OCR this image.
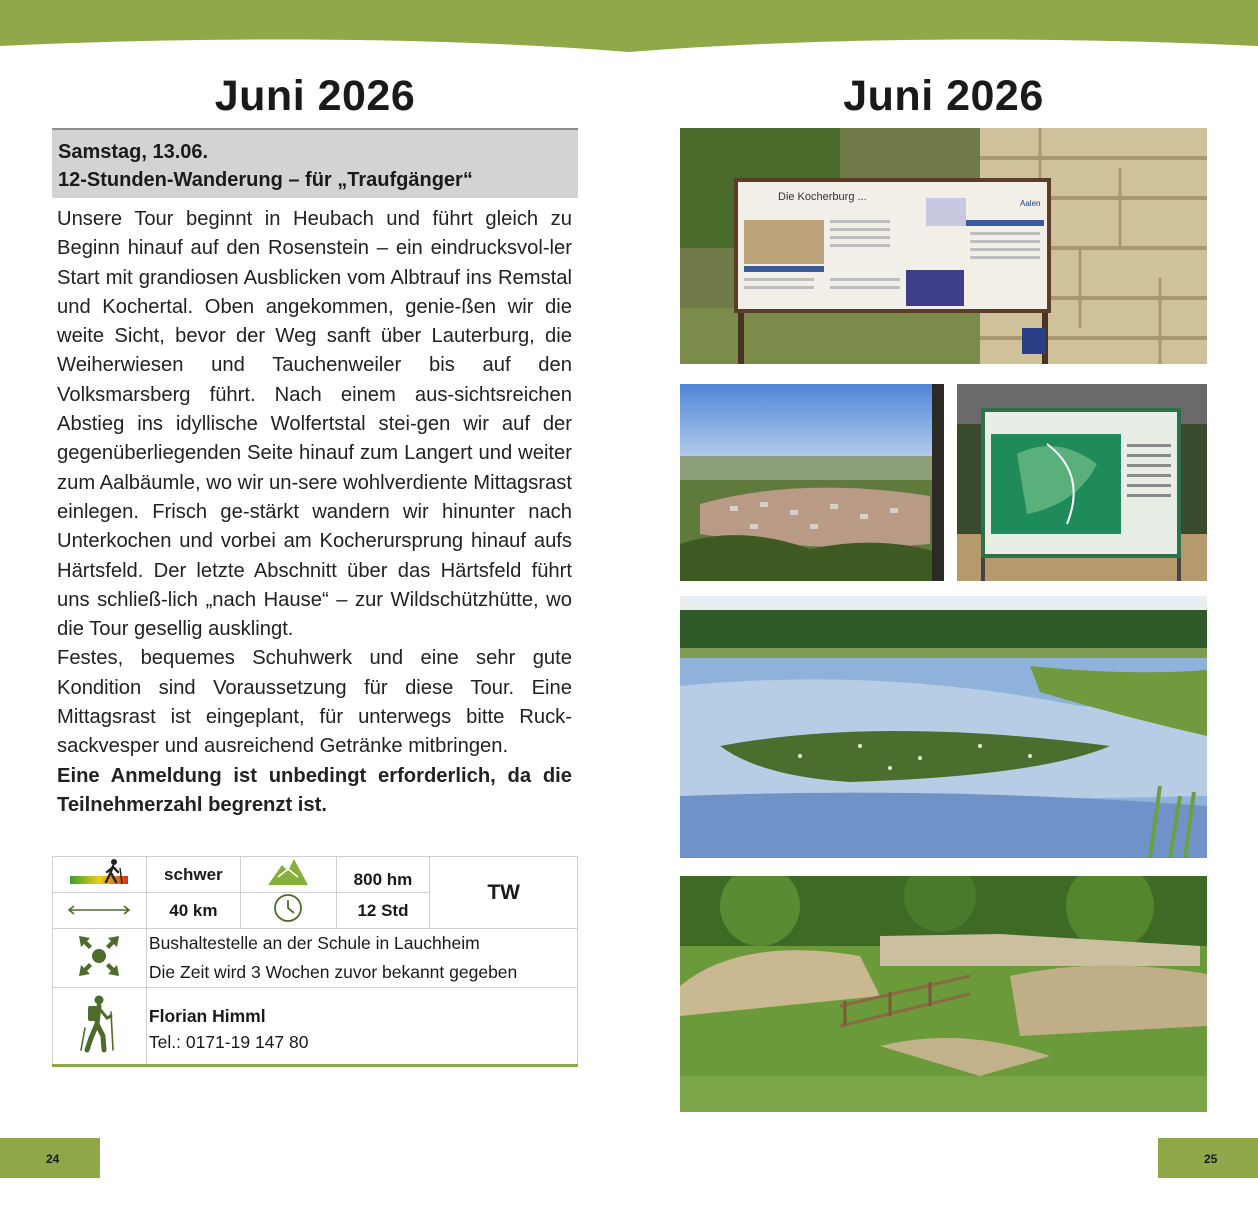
Juni 2026
Samstag, 13.06.
12-Stunden-Wanderung – für „Traufgänger“

Unsere Tour beginnt in Heubach und führt gleich zu Beginn hinauf auf den Rosenstein – ein eindrucksvol-ler Start mit grandiosen Ausblicken vom Albtrauf ins Remstal und Kochertal. Oben angekommen, genie-ßen wir die weite Sicht, bevor der Weg sanft über Lauterburg, die Weiherwiesen und Tauchenweiler bis auf den Volksmarsberg führt. Nach einem aus-sichtsreichen Abstieg ins idyllische Wolfertstal stei-gen wir auf der gegenüberliegenden Seite hinauf zum Langert und weiter zum Aalbäumle, wo wir un-sere wohlverdiente Mittagsrast einlegen. Frisch ge-stärkt wandern wir hinunter nach Unterkochen und vorbei am Kocherursprung hinauf aufs Härtsfeld. Der letzte Abschnitt über das Härtsfeld führt uns schließ-lich „nach Hause“ – zur Wildschützhütte, wo die Tour gesellig ausklingt.

Festes, bequemes Schuhwerk und eine sehr gute Kondition sind Voraussetzung für diese Tour. Eine Mittagsrast ist eingeplant, für unterwegs bitte Ruck-sackvesper und ausreichend Getränke mitbringen.

Eine Anmeldung ist unbedingt erforderlich, da die Teilnehmerzahl begrenzt ist.

	schwer		800 hm	TW
	40 km		12 Std	

Bushaltestelle an der Schule in Lauchheim
Die Zeit wird 3 Wochen zuvor bekannt gegeben			

Florian Himml
Tel.: 0171-19 147 80			
24
Juni 2026
Die Kocherburg ...
Aalen
25
